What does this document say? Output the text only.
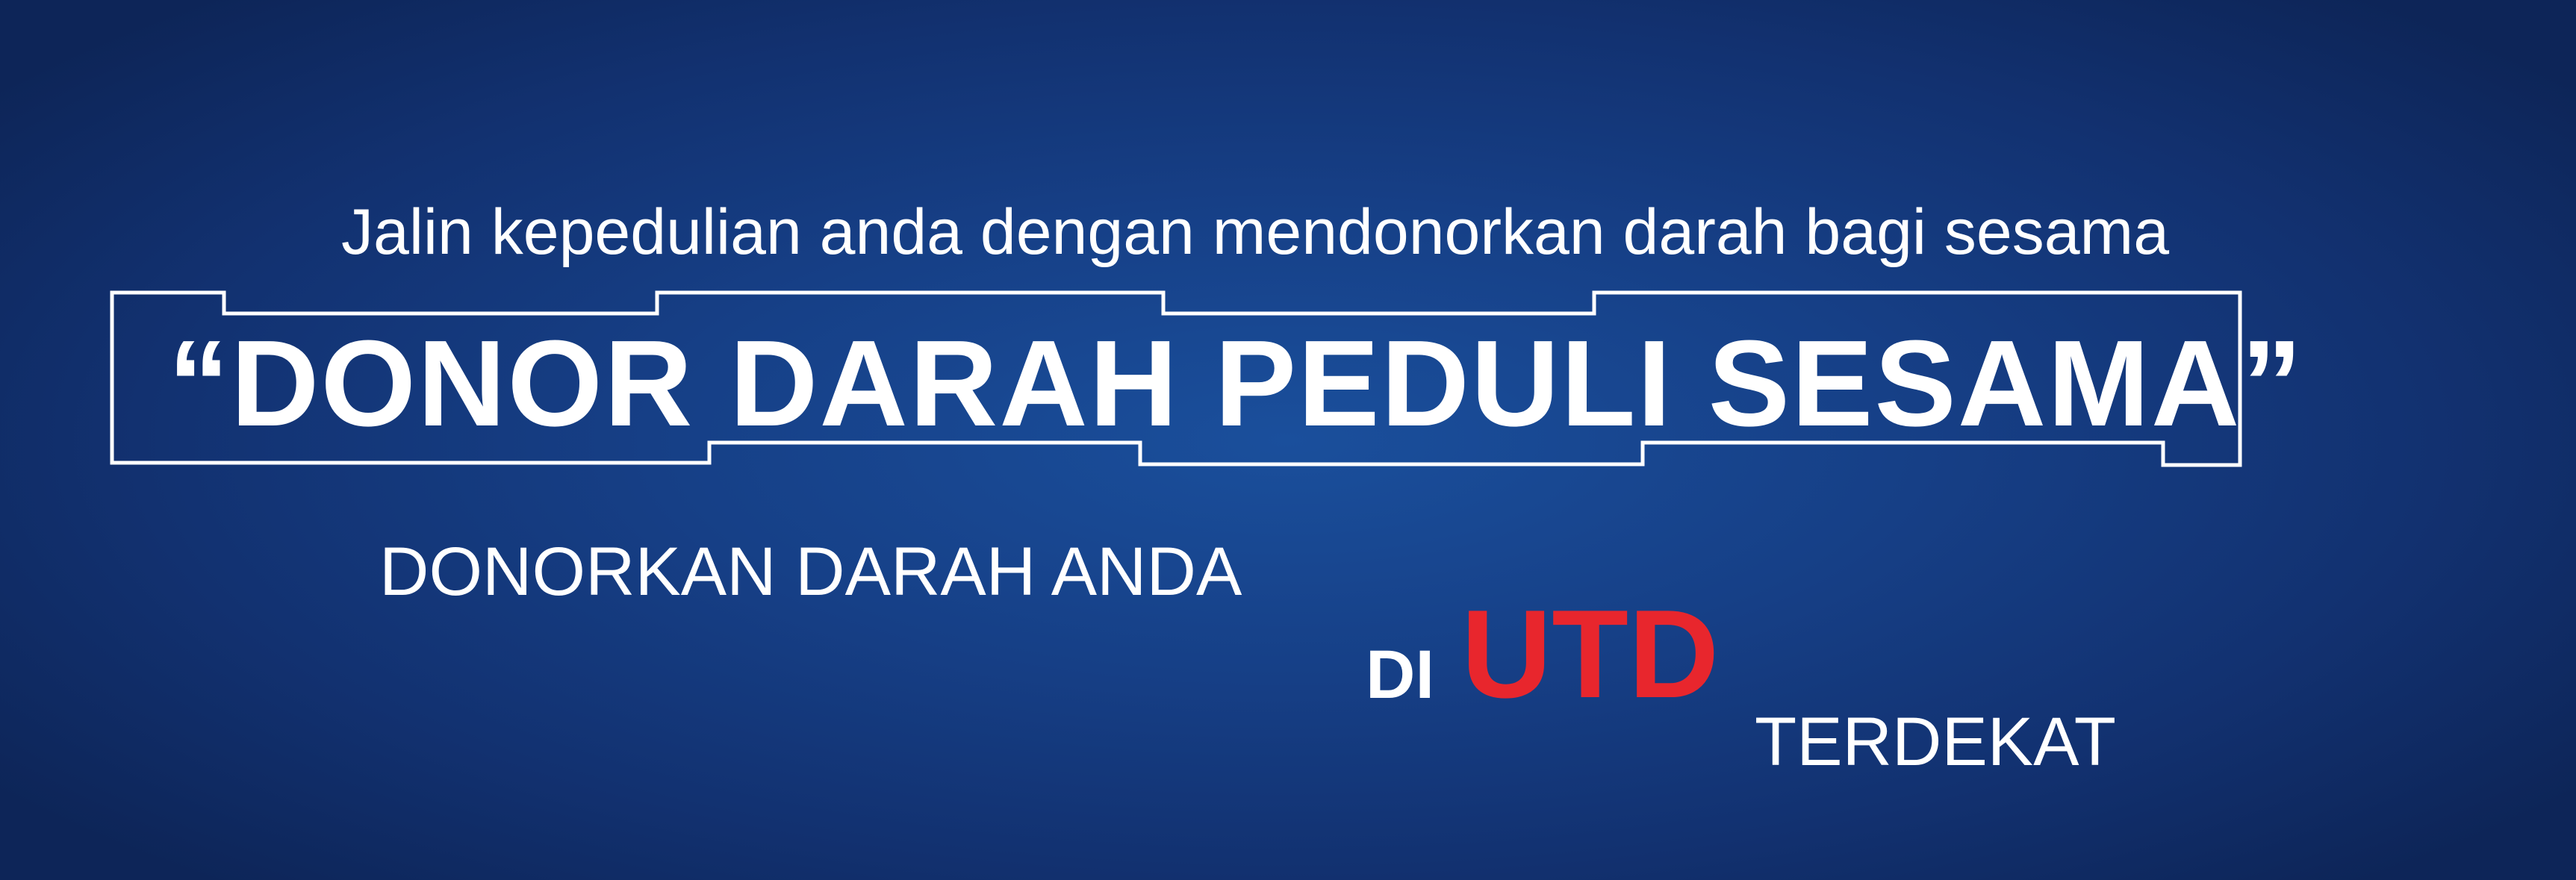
Jalin kepedulian anda dengan mendonorkan darah bagi sesama
“DONOR DARAH PEDULI SESAMA”
DONORKAN DARAH ANDA
DI UTD
TERDEKAT
